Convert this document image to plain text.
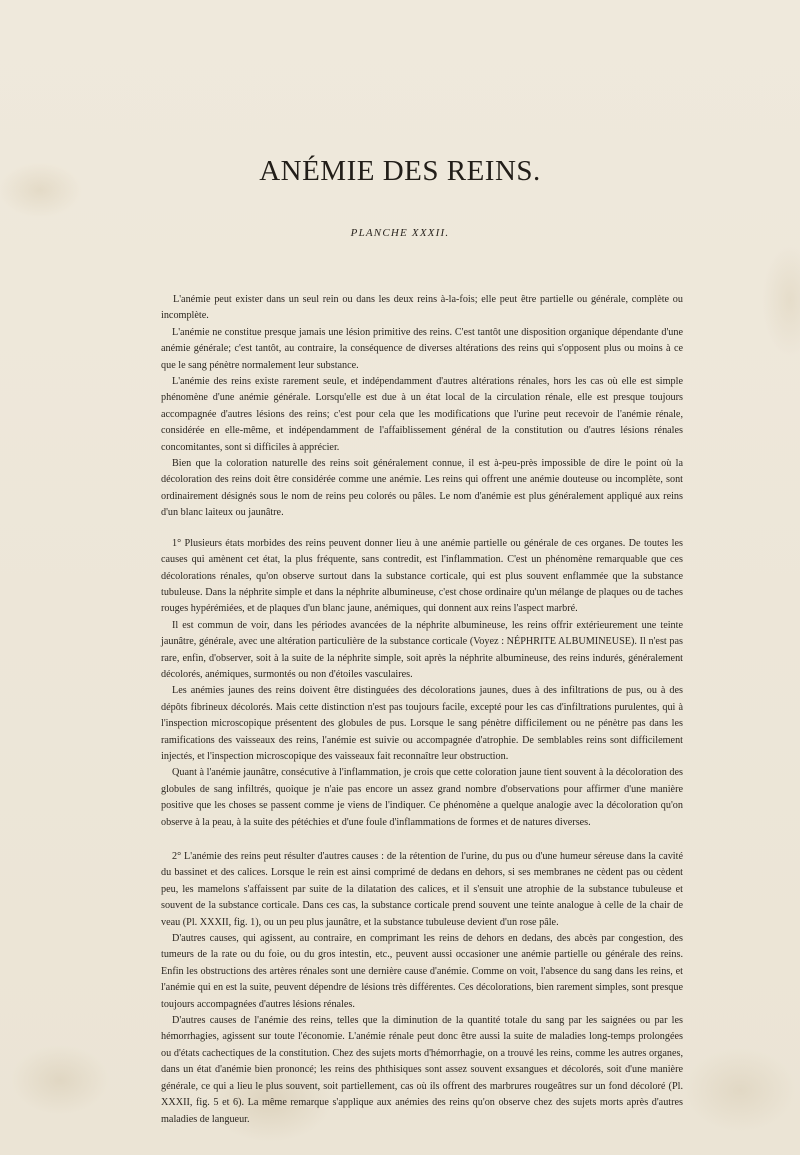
ANÉMIE DES REINS.
PLANCHE XXXII.

L'anémie peut exister dans un seul rein ou dans les deux reins à-la-fois; elle peut être partielle ou générale, complète ou incomplète.

L'anémie ne constitue presque jamais une lésion primitive des reins. C'est tantôt une disposition organique dépendante d'une anémie générale; c'est tantôt, au contraire, la conséquence de diverses altérations des reins qui s'opposent plus ou moins à ce que le sang pénètre normalement leur substance.

L'anémie des reins existe rarement seule, et indépendamment d'autres altérations rénales, hors les cas où elle est simple phénomène d'une anémie générale. Lorsqu'elle est due à un état local de la circulation rénale, elle est presque toujours accompagnée d'autres lésions des reins; c'est pour cela que les modifications que l'urine peut recevoir de l'anémie rénale, considérée en elle-même, et indépendamment de l'affaiblissement général de la constitution ou d'autres lésions rénales concomitantes, sont si difficiles à apprécier.

Bien que la coloration naturelle des reins soit généralement connue, il est à-peu-près impossible de dire le point où la décoloration des reins doit être considérée comme une anémie. Les reins qui offrent une anémie douteuse ou incomplète, sont ordinairement désignés sous le nom de reins peu colorés ou pâles. Le nom d'anémie est plus généralement appliqué aux reins d'un blanc laiteux ou jaunâtre.

1° Plusieurs états morbides des reins peuvent donner lieu à une anémie partielle ou générale de ces organes. De toutes les causes qui amènent cet état, la plus fréquente, sans contredit, est l'inflammation. C'est un phénomène remarquable que ces décolorations rénales, qu'on observe surtout dans la substance corticale, qui est plus souvent enflammée que la substance tubuleuse. Dans la néphrite simple et dans la néphrite albumineuse, c'est chose ordinaire qu'un mélange de plaques ou de taches rouges hypérémiées, et de plaques d'un blanc jaune, anémiques, qui donnent aux reins l'aspect marbré.

Il est commun de voir, dans les périodes avancées de la néphrite albumineuse, les reins offrir extérieurement une teinte jaunâtre, générale, avec une altération particulière de la substance corticale (Voyez : NÉPHRITE ALBUMINEUSE). Il n'est pas rare, enfin, d'observer, soit à la suite de la néphrite simple, soit après la néphrite albumineuse, des reins indurés, généralement décolorés, anémiques, surmontés ou non d'étoiles vasculaires.

Les anémies jaunes des reins doivent être distinguées des décolorations jaunes, dues à des infiltrations de pus, ou à des dépôts fibrineux décolorés. Mais cette distinction n'est pas toujours facile, excepté pour les cas d'infiltrations purulentes, qui à l'inspection microscopique présentent des globules de pus. Lorsque le sang pénètre difficilement ou ne pénètre pas dans les ramifications des vaisseaux des reins, l'anémie est suivie ou accompagnée d'atrophie. De semblables reins sont difficilement injectés, et l'inspection microscopique des vaisseaux fait reconnaître leur obstruction.

Quant à l'anémie jaunâtre, consécutive à l'inflammation, je crois que cette coloration jaune tient souvent à la décoloration des globules de sang infiltrés, quoique je n'aie pas encore un assez grand nombre d'observations pour affirmer d'une manière positive que les choses se passent comme je viens de l'indiquer. Ce phénomène a quelque analogie avec la décoloration qu'on observe à la peau, à la suite des pétéchies et d'une foule d'inflammations de formes et de natures diverses.

2° L'anémie des reins peut résulter d'autres causes : de la rétention de l'urine, du pus ou d'une humeur séreuse dans la cavité du bassinet et des calices. Lorsque le rein est ainsi comprimé de dedans en dehors, si ses membranes ne cèdent pas ou cèdent peu, les mamelons s'affaissent par suite de la dilatation des calices, et il s'ensuit une atrophie de la substance tubuleuse et souvent de la substance corticale. Dans ces cas, la substance corticale prend souvent une teinte analogue à celle de la chair de veau (Pl. XXXII, fig. 1), ou un peu plus jaunâtre, et la substance tubuleuse devient d'un rose pâle.

D'autres causes, qui agissent, au contraire, en comprimant les reins de dehors en dedans, des abcès par congestion, des tumeurs de la rate ou du foie, ou du gros intestin, etc., peuvent aussi occasioner une anémie partielle ou générale des reins. Enfin les obstructions des artères rénales sont une dernière cause d'anémie. Comme on voit, l'absence du sang dans les reins, et l'anémie qui en est la suite, peuvent dépendre de lésions très différentes. Ces décolorations, bien rarement simples, sont presque toujours accompagnées d'autres lésions rénales.

D'autres causes de l'anémie des reins, telles que la diminution de la quantité totale du sang par les saignées ou par les hémorrhagies, agissent sur toute l'économie. L'anémie rénale peut donc être aussi la suite de maladies long-temps prolongées ou d'états cachectiques de la constitution. Chez des sujets morts d'hémorrhagie, on a trouvé les reins, comme les autres organes, dans un état d'anémie bien prononcé; les reins des phthisiques sont assez souvent exsangues et décolorés, soit d'une manière générale, ce qui a lieu le plus souvent, soit partiellement, cas où ils offrent des marbrures rougeâtres sur un fond décoloré (Pl. XXXII, fig. 5 et 6). La même remarque s'applique aux anémies des reins qu'on observe chez des sujets morts après d'autres maladies de langueur.
